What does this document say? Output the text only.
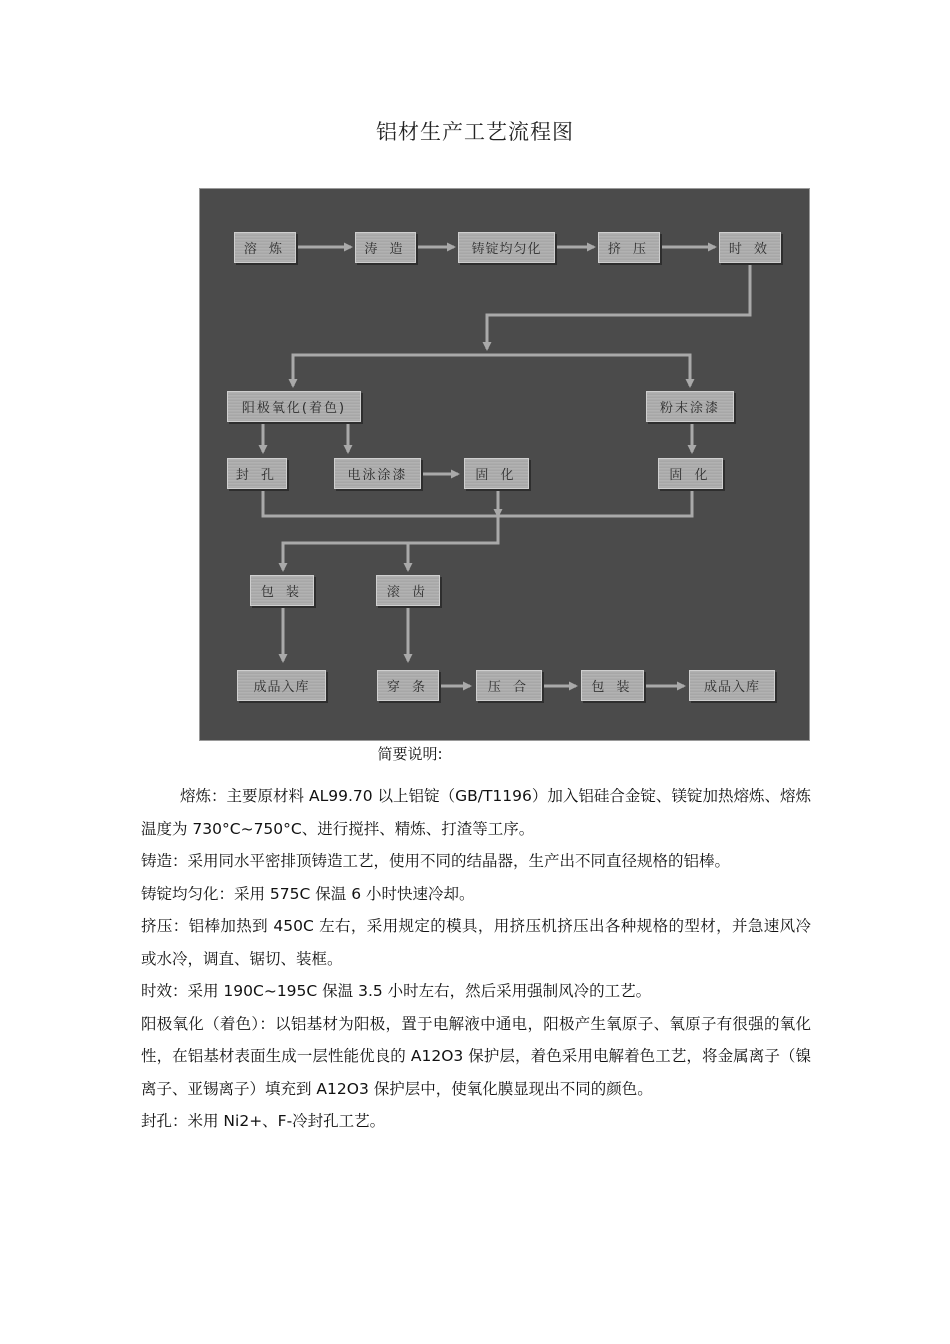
铝材生产工艺流程图
溶 炼	涛 造	铸锭均匀化	挤 压	时 效
阳极氧化(着色)	粉末涂漆
封 孔	电泳涂漆	固 化	固 化
包 装	滚 齿
成品入库	穿 条	压 合	包 装	成品入库
简要说明:

熔炼：主要原材料 AL99.70 以上铝锭（GB/T1196）加入铝硅合金锭、镁锭加热熔炼、熔炼温度为 730°C~750°C、进行搅拌、精炼、打渣等工序。

铸造：采用同水平密排顶铸造工艺，使用不同的结晶器，生产出不同直径规格的铝棒。

铸锭均匀化：采用 575C 保温 6 小时快速冷却。

挤压：铝棒加热到 450C 左右，采用规定的模具，用挤压机挤压出各种规格的型材，并急速风冷或水冷，调直、锯切、装框。

时效：采用 190C~195C 保温 3.5 小时左右，然后采用强制风冷的工艺。

阳极氧化（着色）：以铝基材为阳极，置于电解液中通电，阳极产生氧原子、氧原子有很强的氧化性，在铝基材表面生成一层性能优良的 A12O3 保护层，着色采用电解着色工艺，将金属离子（镍离子、亚锡离子）填充到 A12O3 保护层中，使氧化膜显现出不同的颜色。

封孔：米用 Ni2+、F-冷封孔工艺。
